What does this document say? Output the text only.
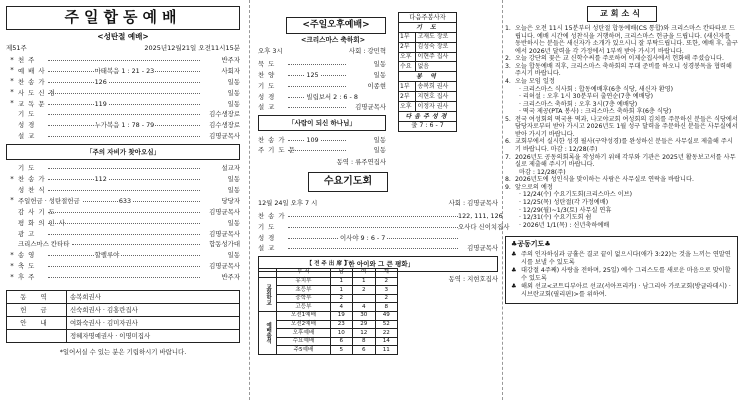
주일합동예배
<성탄절 예배>
제51주	2025년12월21일 오전11시15분
* 천주	반주자
* 예배사	마태복음 1 : 21 - 23	사회자
* 찬송가	126	일동
* 사도신경	일동
* 교독문	119	일동
기도	김수생장로
성경	누가복음 1 : 78 - 79	김수생장로
설교	김명균목사
「주의 자비가 찾아오심」
기도	설교자
* 찬송가	112	일동
성찬식	일동
* 주일헌금 · 성탄절헌금	633	당당자
감사기도	김명균목사
평화의인사	일동
광고	김명균목사
크리스마스 칸타타	합동성가대
* 송영	할렐루야	일동
* 축도	김명균목사
* 후주	반주자
동 역	송복희권사
헌 금	신숙희권사 · 김홍란집사
안 내	여화숙권사 · 김미자권사
	정혜자명예권사 · 이명미집사
*일어서실 수 있는 분은 기립하시기 바랍니다.
<주일오후예배>
<크리스마스 축하회>
오후 3시	사회 : 강민혁
묵도	일동
찬양	125	일동
기도	이종현
성경	빌립보서 2 : 6 - 8
설교	김명균목사
「사람이 되신 하나님」
찬송가	109	일동
주기도문	일동
동역 : 류주연집사
수요기도회
12월 24일 오후 7 시	사회 : 김명균목사
찬송가	122, 111, 126
기도	오사다 신이치집사
성경	이사야 9 : 6 - 7
설교	김명균목사
「한 아이와 그 큰 평화」
동역 : 지현호집사
다음주봉사자	
기 도	
1부	고재도 장로
2부	김성숙 장로
오후	이현주 집사
수요	없음
봉 역	
1부	송복희 권사
2부	지현호 집사
오후	이정자 권사
다음주성경	
출 7 : 6 - 7	
【 전 주 出 席 】				
	부 서	남	여	계
교회학교	유치부	1	1	2
	초등부	1	2	3
	중학부	2		2
	고등부	4	4	8
예배출석	오전1예배	19	30	49
	오전2예배	23	29	52
	오후예배	10	12	22
	수요예배	6	8	14
	주5예배	5	6	11
교회소식
1. 오늘은 오전 11시 15분부터 성탄절 합동예배(CS 통합)와 크리스마스 칸타타로 드립니다. 예배 시간에 성찬식을 거행하며, 크리스마스 헌금을 드립니다. (새신자를 동반하시는 분들은 새신자가 소개가 있으시니 잘 부탁드립니다. 또한, 예배 후, 출구에서 2026년 달력을 각 가정에서 1부씩 받아 가시기 바랍니다.
2. 오늘 강단의 꽃은 교 신학수씨를 주로하여 이제순집사에서 헌화해 주셨습니다.
3. 오늘 합동예배 직후, 크리스마스 축하회의 무대 준비를 하오니 성경봉독을 협력해 주시기 바랍니다.
4. 오늘 모임 일정
· 크리스마스 식사회 : 합동예배후(6층 식당, 새신자 환영)
· 리허설 : 오후 1시 30분부터 출연순(7층 예배당)
· 크리스마스 축하회 : 오후 3시(7층 예배당)
· 떡국 제공(PTA 봉사) : 크리스마스 축하회 후(6층 식당)
5. 전국 여성회의 떡국용 떡과, 나고야교회 여성회의 김치를 주문하신 분들은 식당에서 담당자로부터 받아 가시고 2026년도 1월 성구 달력을 주문하신 분들은 사무실에서 받아 가시기 바랍니다.
6. 교회부에서 실시한 성경 필사(구약성경)를 완성하신 분들은 사무실로 제출해 주시기 바랍니다. 마감 : 12/28(주)
7. 2026년도 공동의회록을 작성하기 위해 각부와 기관은 2025년 활동보고서를 사무실로 제출해 주시기 바랍니다.
마감 : 12/28(주)
8. 2026년도에 성인식을 맞이하는 사람은 사무실로 연락을 바랍니다.
9. 앞으로의 예정
· 12/24(수) 수요기도회(크리스마스 이브)
· 12/25(목) 성탄절(각 가정예배)
· 12/29(월)~1/3(토) 사무실 연휴
· 12/31(수) 수요기도회 쉼
· 2026년 1/1(목) : 신년축하예배
♣공동기도♣
♣ 주의 인자하심과 긍휼은 결코 끝이 없으시다(애가 3:22)는 것을 느끼는 연말연시를 보낼 수 있도록
♣ 대강절 4주째) 사랑을 전하며, 25일) 예수 그리스도를 새로운 마음으로 맞이할 수 있도록
♣ 해외 선교<코트디부아르 선교(서아프리카) · 남그리아 가로교회(방글라데시) · 시브란교회(필리핀)>를 위하여.
